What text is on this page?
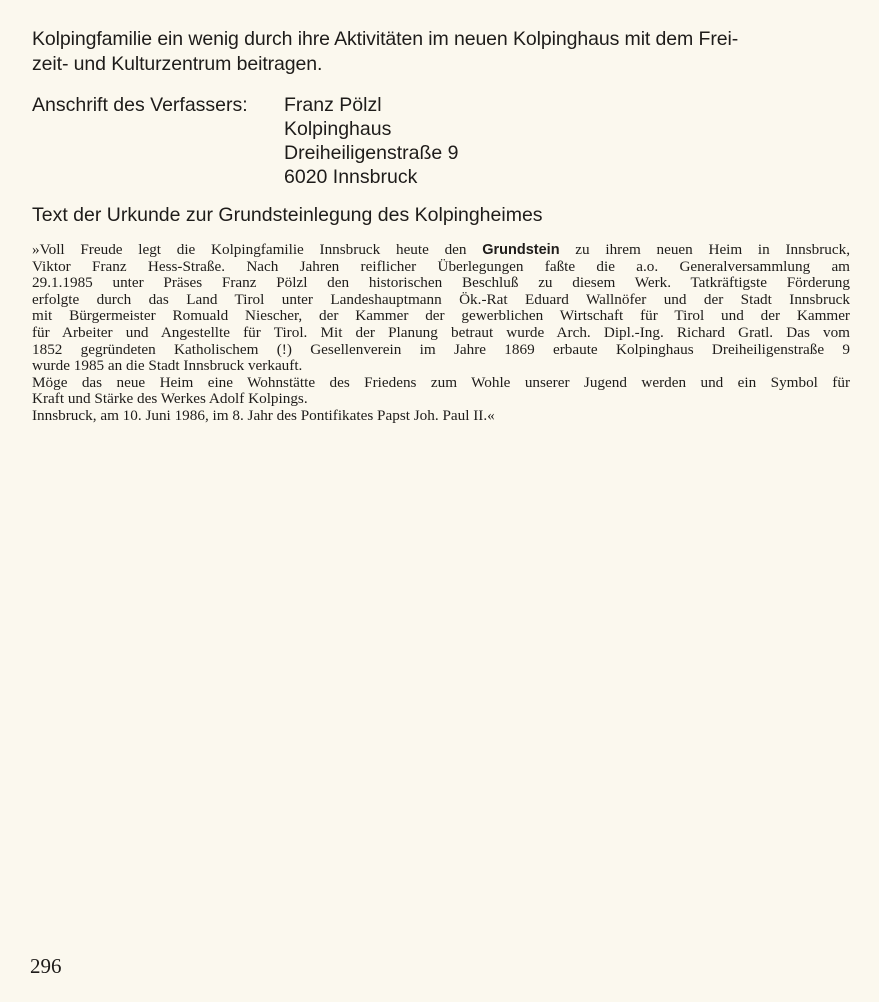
Kolpingfamilie ein wenig durch ihre Aktivitäten im neuen Kolpinghaus mit dem Frei-
zeit- und Kulturzentrum beitragen.
Anschrift des Verfassers: Franz Pölzl
Kolpinghaus
Dreiheiligenstraße 9
6020 Innsbruck
Text der Urkunde zur Grundsteinlegung des Kolpingheimes
»Voll Freude legt die Kolpingfamilie Innsbruck heute den Grundstein zu ihrem neuen Heim in Innsbruck,
Viktor Franz Hess-Straße. Nach Jahren reiflicher Überlegungen faßte die a.o. Generalversammlung am
29.1.1985 unter Präses Franz Pölzl den historischen Beschluß zu diesem Werk. Tatkräftigste Förderung
erfolgte durch das Land Tirol unter Landeshauptmann Ök.-Rat Eduard Wallnöfer und der Stadt Innsbruck
mit Bürgermeister Romuald Niescher, der Kammer der gewerblichen Wirtschaft für Tirol und der Kammer
für Arbeiter und Angestellte für Tirol. Mit der Planung betraut wurde Arch. Dipl.-Ing. Richard Gratl. Das vom
1852 gegründeten Katholischem (!) Gesellenverein im Jahre 1869 erbaute Kolpinghaus Dreiheiligenstraße 9
wurde 1985 an die Stadt Innsbruck verkauft.
Möge das neue Heim eine Wohnstätte des Friedens zum Wohle unserer Jugend werden und ein Symbol für
Kraft und Stärke des Werkes Adolf Kolpings.
Innsbruck, am 10. Juni 1986, im 8. Jahr des Pontifikates Papst Joh. Paul II.«
296
